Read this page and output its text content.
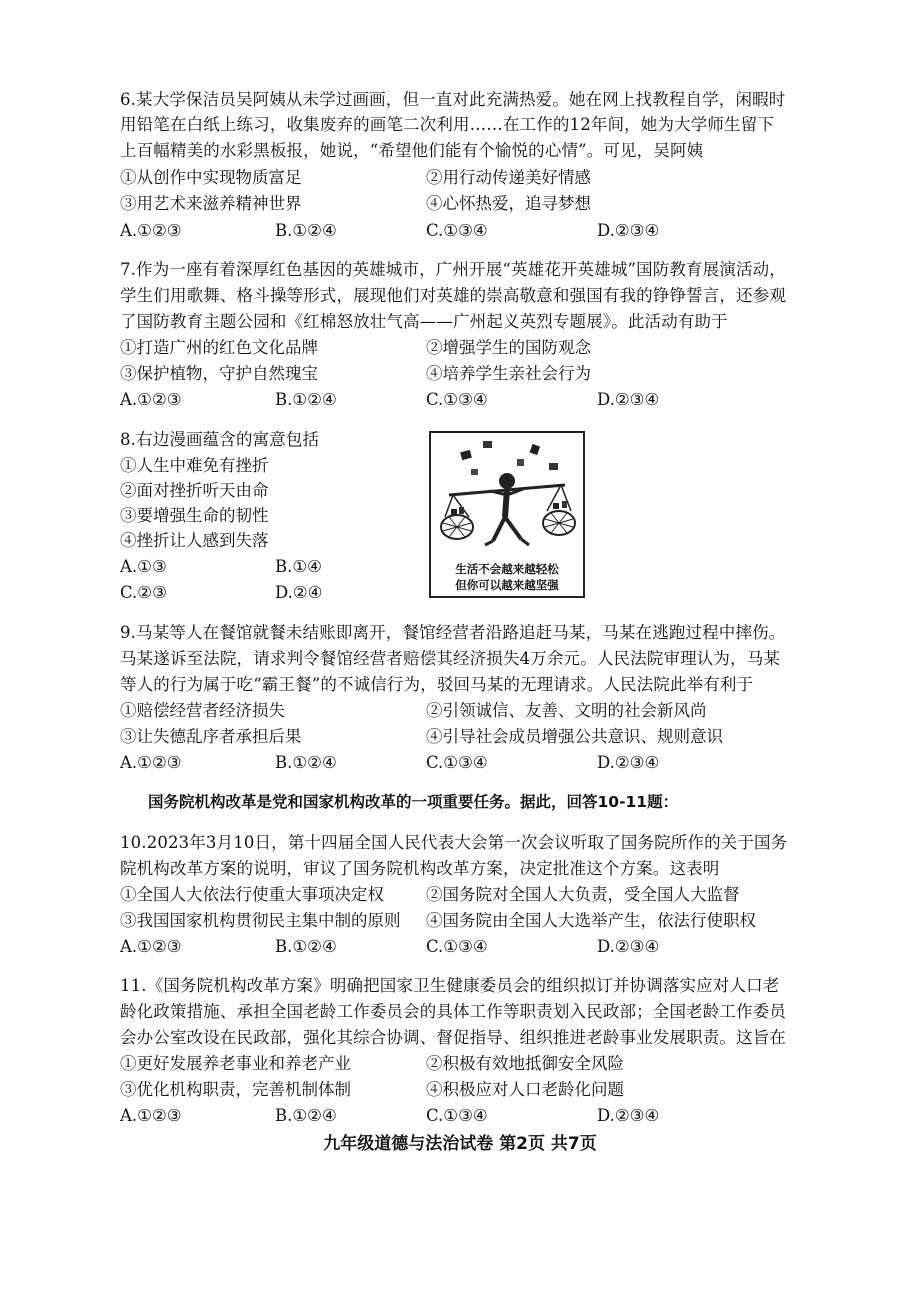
6.某大学保洁员吴阿姨从未学过画画，但一直对此充满热爱。她在网上找教程自学，闲暇时
用铅笔在白纸上练习，收集废弃的画笔二次利用……在工作的12年间，她为大学师生留下
上百幅精美的水彩黑板报，她说，“希望他们能有个愉悦的心情”。可见，吴阿姨
①从创作中实现物质富足	②用行动传递美好情感
③用艺术来滋养精神世界	④心怀热爱，追寻梦想
A.①②③	B.①②④	C.①③④	D.②③④
7.作为一座有着深厚红色基因的英雄城市，广州开展“英雄花开英雄城”国防教育展演活动，
学生们用歌舞、格斗操等形式，展现他们对英雄的崇高敬意和强国有我的铮铮誓言，还参观
了国防教育主题公园和《红棉怒放壮气高——广州起义英烈专题展》。此活动有助于
①打造广州的红色文化品牌	②增强学生的国防观念
③保护植物，守护自然瑰宝	④培养学生亲社会行为
A.①②③	B.①②④	C.①③④	D.②③④
8.右边漫画蕴含的寓意包括
①人生中难免有挫折
②面对挫折听天由命
③要增强生命的韧性
④挫折让人感到失落
A.①③	B.①④
C.②③	D.②④
生活不会越来越轻松
但你可以越来越坚强
9.马某等人在餐馆就餐未结账即离开，餐馆经营者沿路追赶马某，马某在逃跑过程中摔伤。
马某遂诉至法院，请求判令餐馆经营者赔偿其经济损失4万余元。人民法院审理认为，马某
等人的行为属于吃“霸王餐”的不诚信行为，驳回马某的无理请求。人民法院此举有利于
①赔偿经营者经济损失	②引领诚信、友善、文明的社会新风尚
③让失德乱序者承担后果	④引导社会成员增强公共意识、规则意识
A.①②③	B.①②④	C.①③④	D.②③④
国务院机构改革是党和国家机构改革的一项重要任务。据此，回答10-11题：
10.2023年3月10日，第十四届全国人民代表大会第一次会议听取了国务院所作的关于国务
院机构改革方案的说明，审议了国务院机构改革方案，决定批准这个方案。这表明
①全国人大依法行使重大事项决定权	②国务院对全国人大负责，受全国人大监督
③我国国家机构贯彻民主集中制的原则 ④国务院由全国人大选举产生，依法行使职权
A.①②③	B.①②④	C.①③④	D.②③④
11.《国务院机构改革方案》明确把国家卫生健康委员会的组织拟订并协调落实应对人口老
龄化政策措施、承担全国老龄工作委员会的具体工作等职责划入民政部；全国老龄工作委员
会办公室改设在民政部，强化其综合协调、督促指导、组织推进老龄事业发展职责。这旨在
①更好发展养老事业和养老产业	②积极有效地抵御安全风险
③优化机构职责，完善机制体制	④积极应对人口老龄化问题
A.①②③	B.①②④	C.①③④	D.②③④
九年级道德与法治试卷 第2页 共7页
